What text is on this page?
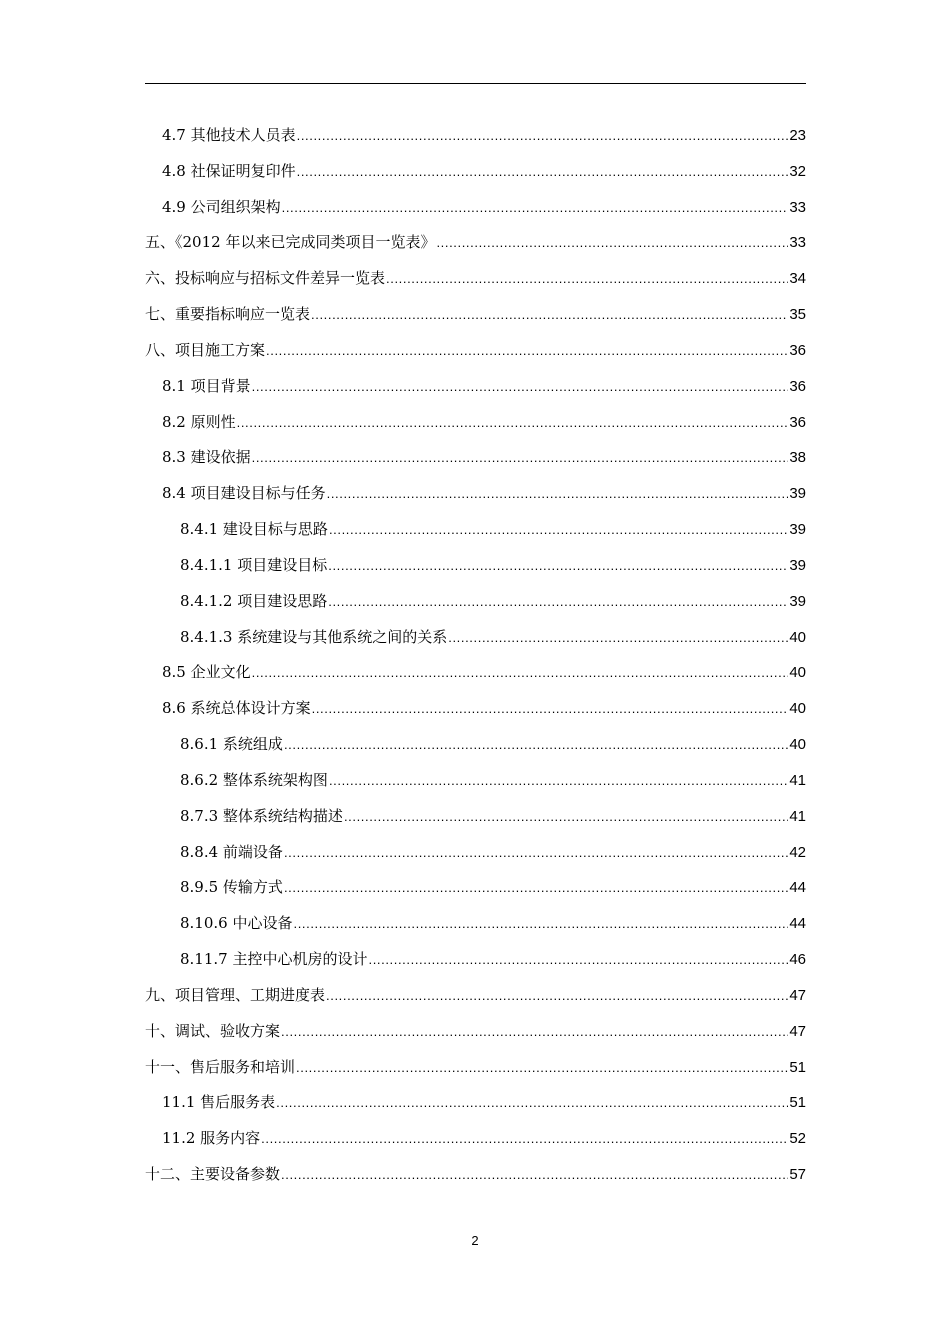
4.7 其他技术人员表 .....	23
4.8 社保证明复印件 .....	32
4.9 公司组织架构 .....	33
五、《2012 年以来已完成同类项目一览表》 .....	33
六、投标响应与招标文件差异一览表 .....	34
七、重要指标响应一览表 .....	35
八、项目施工方案 .....	36
8.1 项目背景 .....	36
8.2 原则性 .....	36
8.3 建设依据 .....	38
8.4 项目建设目标与任务 .....	39
8.4.1 建设目标与思路 .....	39
8.4.1.1 项目建设目标 .....	39
8.4.1.2 项目建设思路 .....	39
8.4.1.3 系统建设与其他系统之间的关系 .....	40
8.5 企业文化 .....	40
8.6 系统总体设计方案 .....	40
8.6.1 系统组成 .....	40
8.6.2 整体系统架构图 .....	41
8.7.3 整体系统结构描述 .....	41
8.8.4 前端设备 .....	42
8.9.5 传输方式 .....	44
8.10.6 中心设备 .....	44
8.11.7 主控中心机房的设计 .....	46
九、项目管理、工期进度表 .....	47
十、调试、验收方案 .....	47
十一、售后服务和培训 .....	51
11.1 售后服务表 .....	51
11.2 服务内容 .....	52
十二、主要设备参数 .....	57
2
